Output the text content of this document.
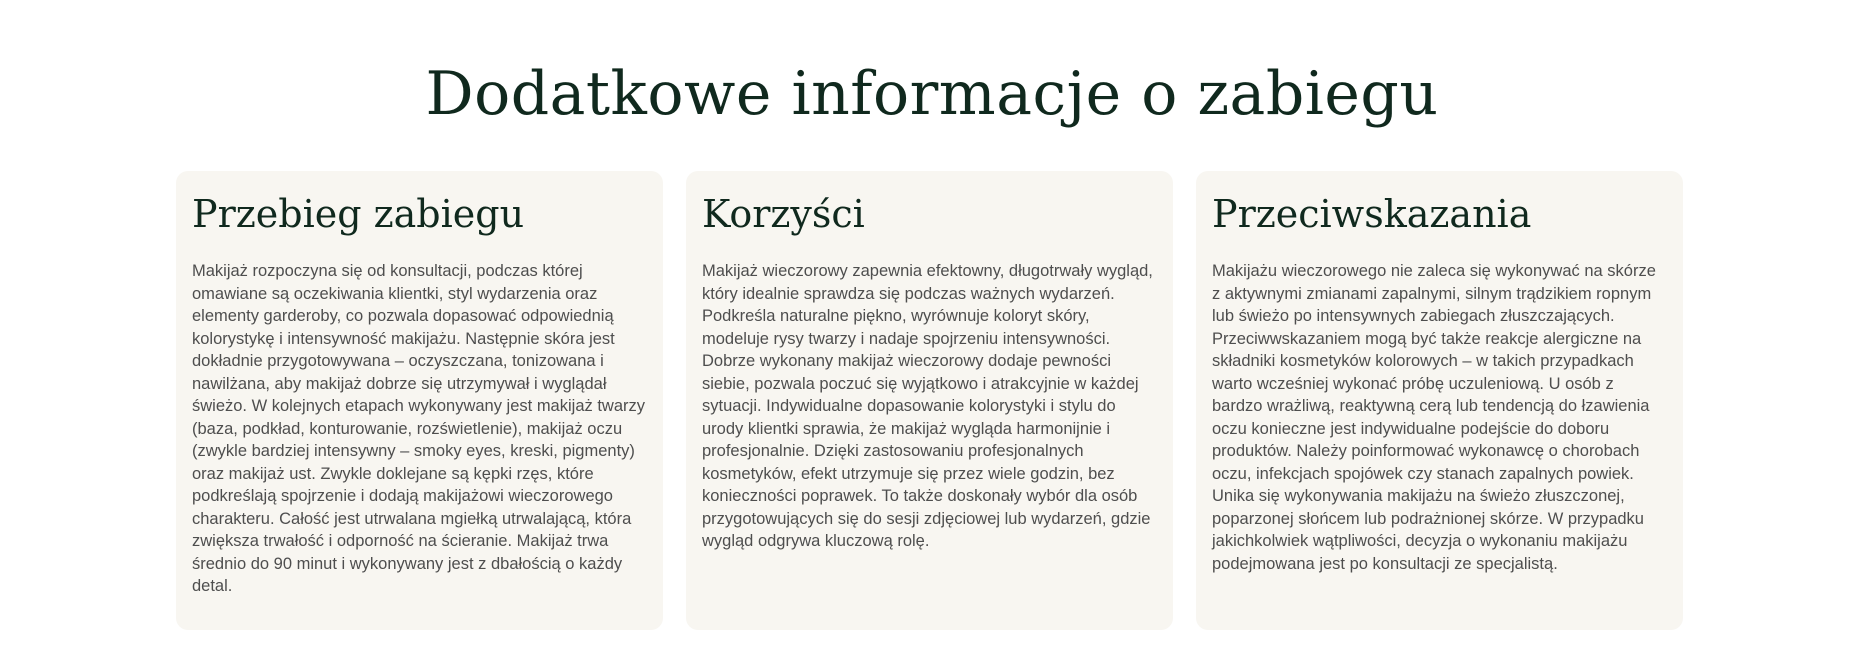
Dodatkowe informacje o zabiegu
Przebieg zabiegu

Makijaż rozpoczyna się od konsultacji, podczas której omawiane są oczekiwania klientki, styl wydarzenia oraz elementy garderoby, co pozwala dopasować odpowiednią kolorystykę i intensywność makijażu. Następnie skóra jest dokładnie przygotowywana – oczyszczana, tonizowana i nawilżana, aby makijaż dobrze się utrzymywał i wyglądał świeżo. W kolejnych etapach wykonywany jest makijaż twarzy (baza, podkład, konturowanie, rozświetlenie), makijaż oczu (zwykle bardziej intensywny – smoky eyes, kreski, pigmenty) oraz makijaż ust. Zwykle doklejane są kępki rzęs, które podkreślają spojrzenie i dodają makijażowi wieczorowego charakteru. Całość jest utrwalana mgiełką utrwalającą, która zwiększa trwałość i odporność na ścieranie. Makijaż trwa średnio do 90 minut i wykonywany jest z dbałością o każdy detal.

Korzyści

Makijaż wieczorowy zapewnia efektowny, długotrwały wygląd, który idealnie sprawdza się podczas ważnych wydarzeń. Podkreśla naturalne piękno, wyrównuje koloryt skóry, modeluje rysy twarzy i nadaje spojrzeniu intensywności. Dobrze wykonany makijaż wieczorowy dodaje pewności siebie, pozwala poczuć się wyjątkowo i atrakcyjnie w każdej sytuacji. Indywidualne dopasowanie kolorystyki i stylu do urody klientki sprawia, że makijaż wygląda harmonijnie i profesjonalnie. Dzięki zastosowaniu profesjonalnych kosmetyków, efekt utrzymuje się przez wiele godzin, bez konieczności poprawek. To także doskonały wybór dla osób przygotowujących się do sesji zdjęciowej lub wydarzeń, gdzie wygląd odgrywa kluczową rolę.

Przeciwskazania

Makijażu wieczorowego nie zaleca się wykonywać na skórze z aktywnymi zmianami zapalnymi, silnym trądzikiem ropnym lub świeżo po intensywnych zabiegach złuszczających. Przeciwwskazaniem mogą być także reakcje alergiczne na składniki kosmetyków kolorowych – w takich przypadkach warto wcześniej wykonać próbę uczuleniową. U osób z bardzo wrażliwą, reaktywną cerą lub tendencją do łzawienia oczu konieczne jest indywidualne podejście do doboru produktów. Należy poinformować wykonawcę o chorobach oczu, infekcjach spojówek czy stanach zapalnych powiek. Unika się wykonywania makijażu na świeżo złuszczonej, poparzonej słońcem lub podrażnionej skórze. W przypadku jakichkolwiek wątpliwości, decyzja o wykonaniu makijażu podejmowana jest po konsultacji ze specjalistą.
